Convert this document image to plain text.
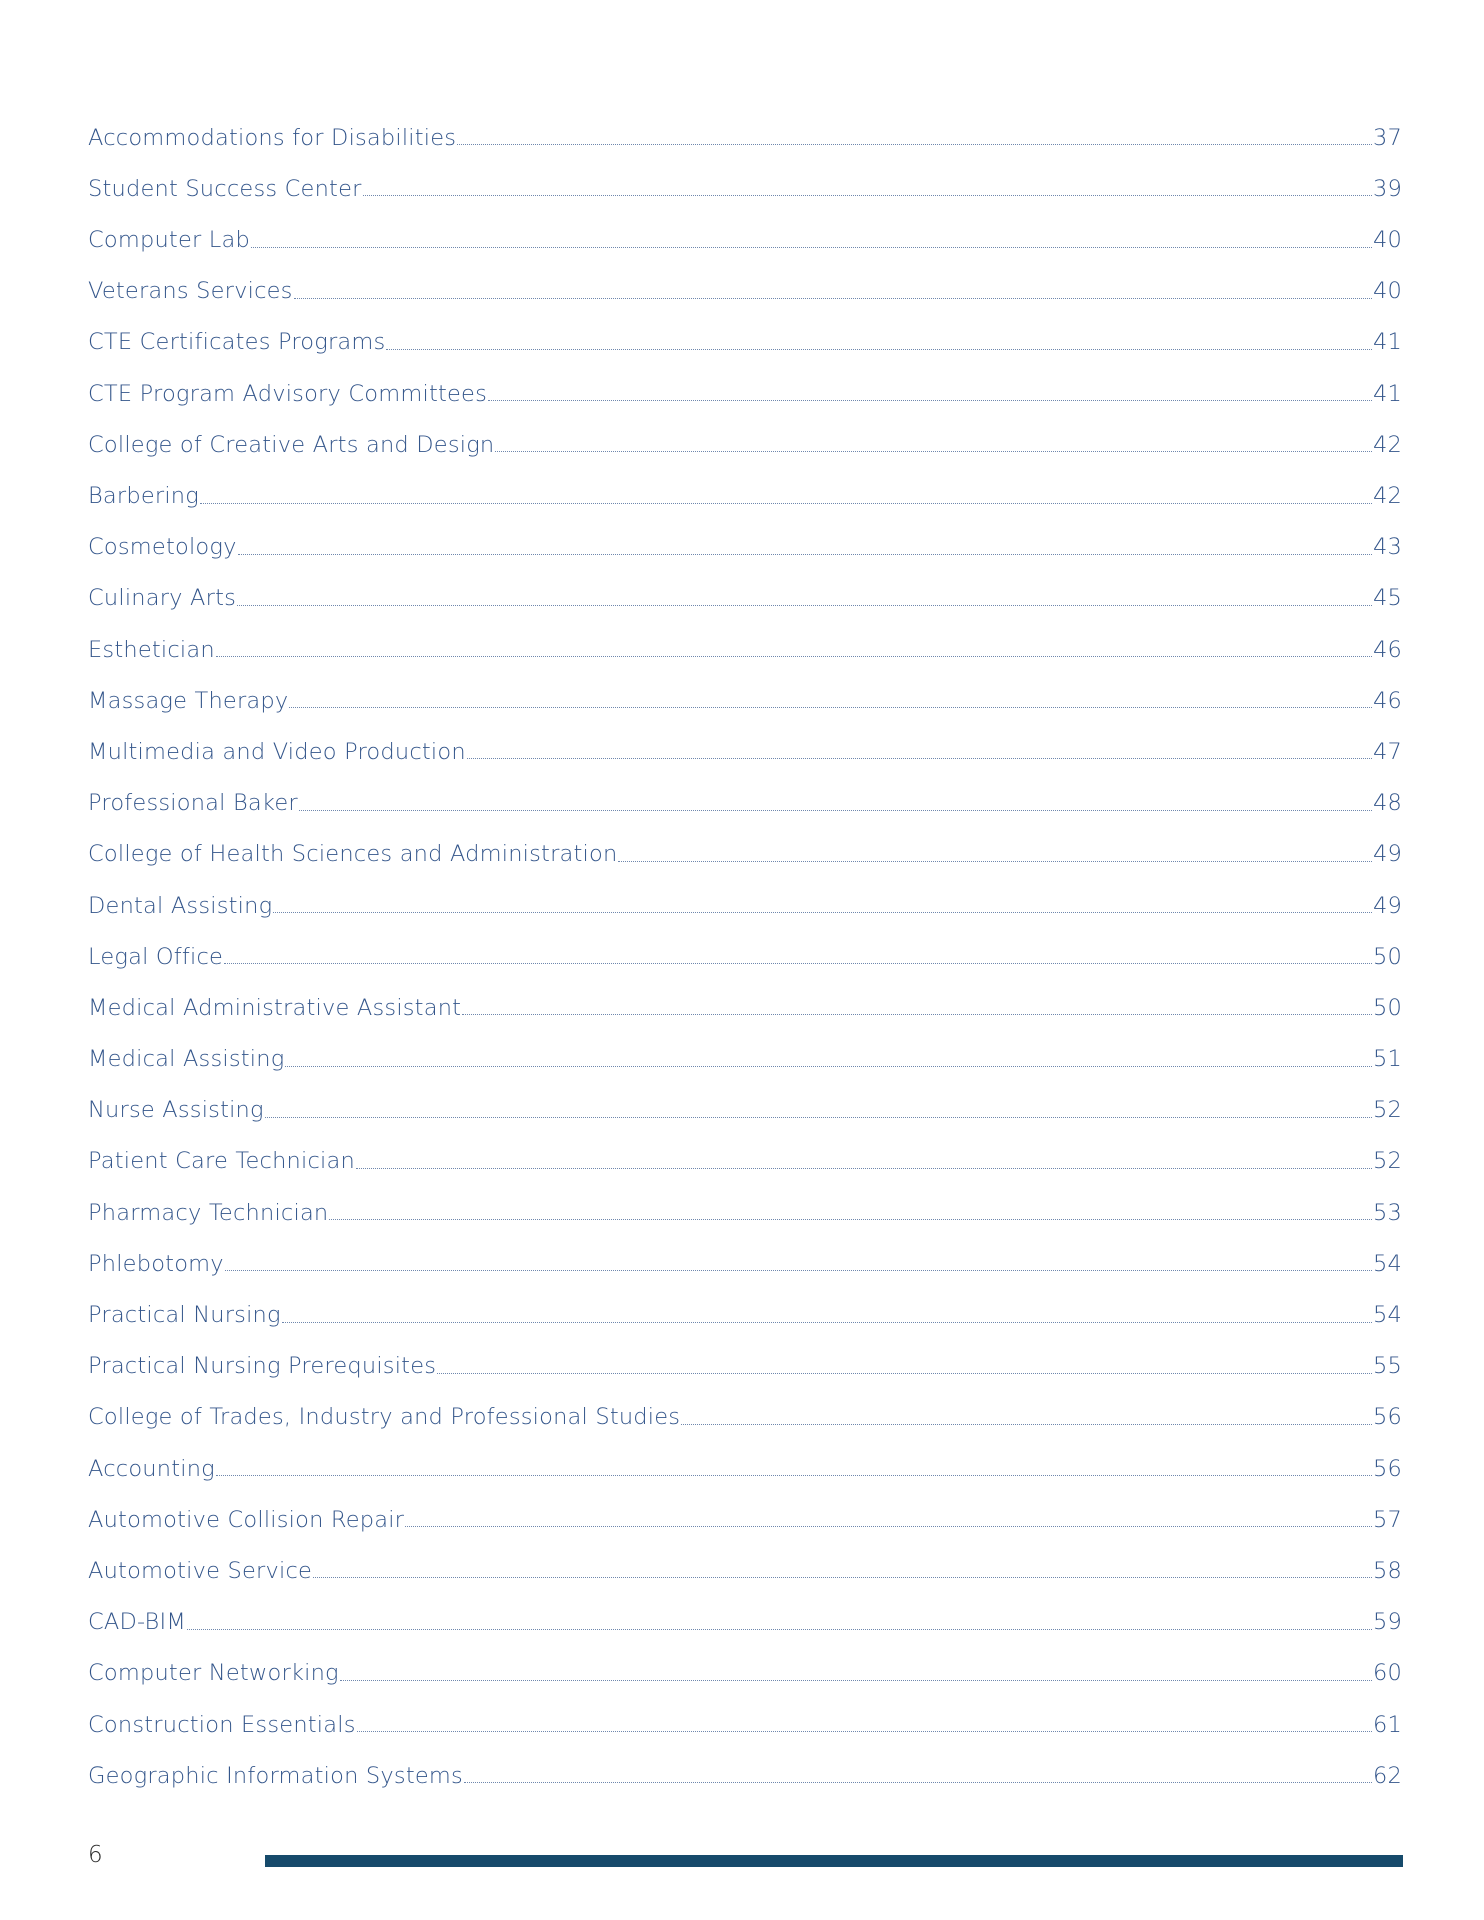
Accommodations for Disabilities	37
Student Success Center	39
Computer Lab	40
Veterans Services	40
CTE Certificates Programs	41
CTE Program Advisory Committees	41
College of Creative Arts and Design	42
Barbering	42
Cosmetology	43
Culinary Arts	45
Esthetician	46
Massage Therapy	46
Multimedia and Video Production	47
Professional Baker	48
College of Health Sciences and Administration	49
Dental Assisting	49
Legal Office	50
Medical Administrative Assistant	50
Medical Assisting	51
Nurse Assisting	52
Patient Care Technician	52
Pharmacy Technician	53
Phlebotomy	54
Practical Nursing	54
Practical Nursing Prerequisites	55
College of Trades, Industry and Professional Studies	56
Accounting	56
Automotive Collision Repair	57
Automotive Service	58
CAD-BIM	59
Computer Networking	60
Construction Essentials	61
Geographic Information Systems	62
6
